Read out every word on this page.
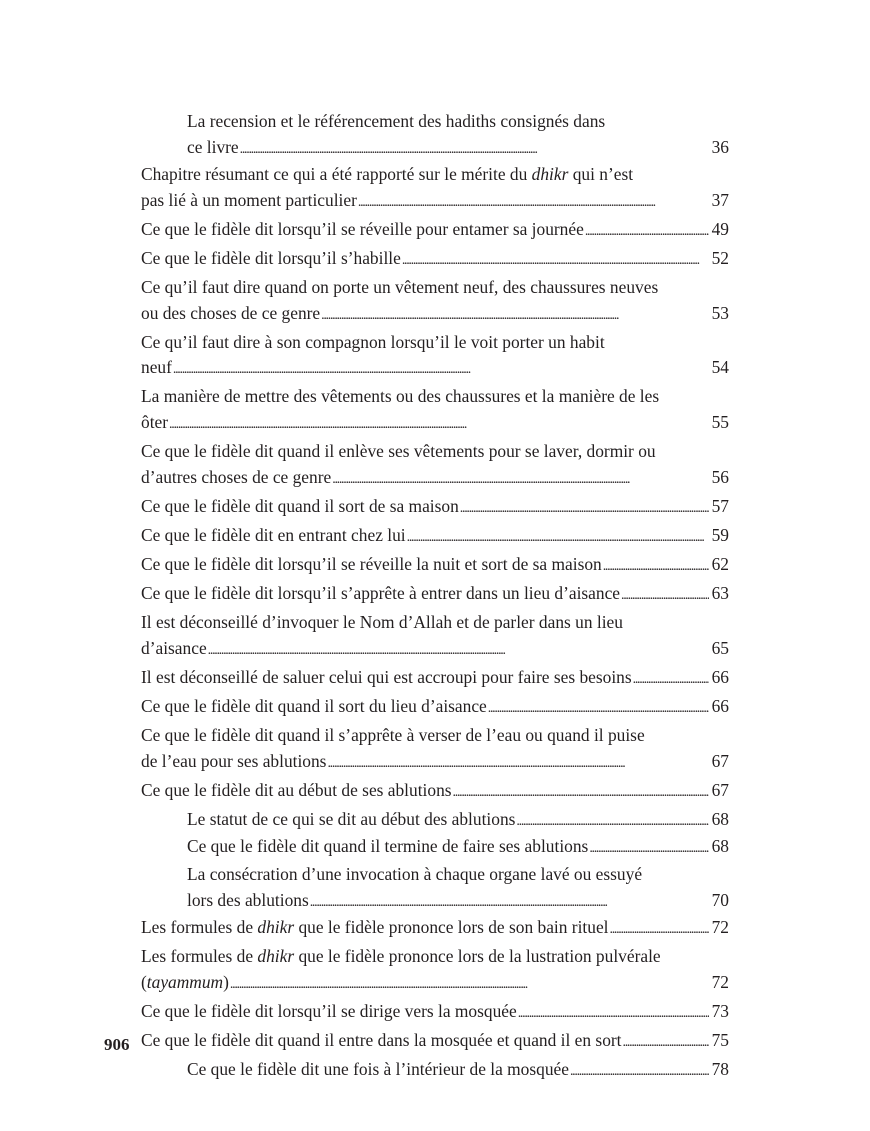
La recension et le référencement des hadiths consignés dans
ce livre . . .	36
Chapitre résumant ce qui a été rapporté sur le mérite du dhikr qui n’est
pas lié à un moment particulier . . .	37
Ce que le fidèle dit lorsqu’il se réveille pour entamer sa journée . . .	49
Ce que le fidèle dit lorsqu’il s’habille . . .	52
Ce qu’il faut dire quand on porte un vêtement neuf, des chaussures neuves
ou des choses de ce genre . . .	53
Ce qu’il faut dire à son compagnon lorsqu’il le voit porter un habit
neuf . . .	54
La manière de mettre des vêtements ou des chaussures et la manière de les
ôter . . .	55
Ce que le fidèle dit quand il enlève ses vêtements pour se laver, dormir ou
d’autres choses de ce genre . . .	56
Ce que le fidèle dit quand il sort de sa maison . . .	57
Ce que le fidèle dit en entrant chez lui . . .	59
Ce que le fidèle dit lorsqu’il se réveille la nuit et sort de sa maison . . .	62
Ce que le fidèle dit lorsqu’il s’apprête à entrer dans un lieu d’aisance . . .	63
Il est déconseillé d’invoquer le Nom d’Allah et de parler dans un lieu
d’aisance . . .	65
Il est déconseillé de saluer celui qui est accroupi pour faire ses besoins . . .	66
Ce que le fidèle dit quand il sort du lieu d’aisance . . .	66
Ce que le fidèle dit quand il s’apprête à verser de l’eau ou quand il puise
de l’eau pour ses ablutions . . .	67
Ce que le fidèle dit au début de ses ablutions . . .	67
Le statut de ce qui se dit au début des ablutions . . .	68
Ce que le fidèle dit quand il termine de faire ses ablutions . . .	68
La consécration d’une invocation à chaque organe lavé ou essuyé
lors des ablutions . . .	70
Les formules de dhikr que le fidèle prononce lors de son bain rituel . . .	72
Les formules de dhikr que le fidèle prononce lors de la lustration pulvérale
(tayammum) . . .	72
Ce que le fidèle dit lorsqu’il se dirige vers la mosquée . . .	73
Ce que le fidèle dit quand il entre dans la mosquée et quand il en sort . . .	75
Ce que le fidèle dit une fois à l’intérieur de la mosquée . . .	78
906
